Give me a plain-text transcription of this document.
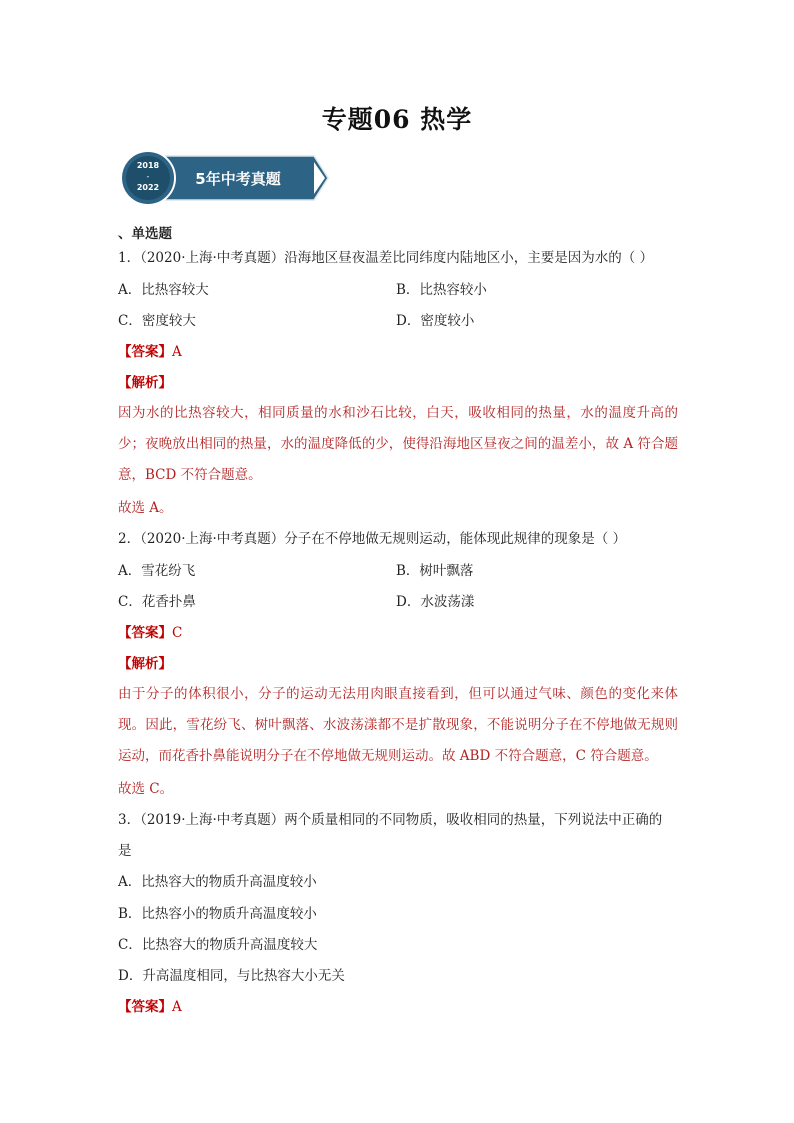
专题06 热学
2018
-
2022 5年中考真题
、单选题
1．（2020·上海·中考真题）沿海地区昼夜温差比同纬度内陆地区小，主要是因为水的（ ）
A．比热容较大	B．比热容较小
C．密度较大	D．密度较小
【答案】A
【解析】
因为水的比热容较大，相同质量的水和沙石比较，白天，吸收相同的热量，水的温度升高的少；夜晚放出相同的热量，水的温度降低的少，使得沿海地区昼夜之间的温差小，故 A 符合题意，BCD 不符合题意。
故选 A。
2．（2020·上海·中考真题）分子在不停地做无规则运动，能体现此规律的现象是（ ）
A．雪花纷飞	B．树叶飘落
C．花香扑鼻	D．水波荡漾
【答案】C
【解析】
由于分子的体积很小，分子的运动无法用肉眼直接看到，但可以通过气味、颜色的变化来体现。因此，雪花纷飞、树叶飘落、水波荡漾都不是扩散现象，不能说明分子在不停地做无规则运动，而花香扑鼻能说明分子在不停地做无规则运动。故 ABD 不符合题意，C 符合题意。
故选 C。
3．（2019·上海·中考真题）两个质量相同的不同物质，吸收相同的热量，下列说法中正确的
是
A．比热容大的物质升高温度较小
B．比热容小的物质升高温度较小
C．比热容大的物质升高温度较大
D．升高温度相同，与比热容大小无关
【答案】A
